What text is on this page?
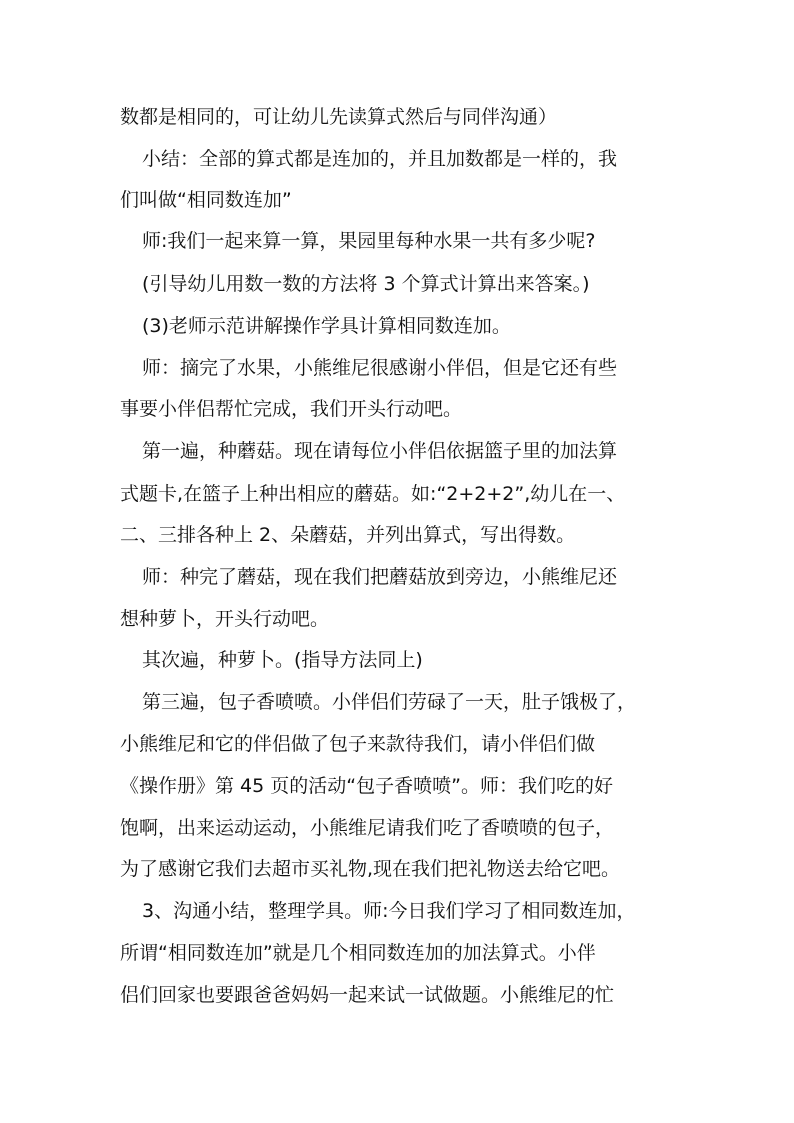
数都是相同的，可让幼儿先读算式然后与同伴沟通）
小结：全部的算式都是连加的，并且加数都是一样的，我
们叫做“相同数连加”
师:我们一起来算一算，果园里每种水果一共有多少呢?
(引导幼儿用数一数的方法将 3 个算式计算出来答案。)
(3)老师示范讲解操作学具计算相同数连加。
师：摘完了水果，小熊维尼很感谢小伴侣，但是它还有些
事要小伴侣帮忙完成，我们开头行动吧。
第一遍，种蘑菇。现在请每位小伴侣依据篮子里的加法算
式题卡,在篮子上种出相应的蘑菇。如:“2+2+2”,幼儿在一、
二、三排各种上 2、朵蘑菇，并列出算式，写出得数。
师：种完了蘑菇，现在我们把蘑菇放到旁边，小熊维尼还
想种萝卜，开头行动吧。
其次遍，种萝卜。(指导方法同上)
第三遍，包子香喷喷。小伴侣们劳碌了一天，肚子饿极了，
小熊维尼和它的伴侣做了包子来款待我们，请小伴侣们做
《操作册》第 45 页的活动“包子香喷喷”。师：我们吃的好
饱啊，出来运动运动，小熊维尼请我们吃了香喷喷的包子，
为了感谢它我们去超市买礼物,现在我们把礼物送去给它吧。
3、沟通小结，整理学具。师:今日我们学习了相同数连加，
所谓“相同数连加”就是几个相同数连加的加法算式。小伴
侣们回家也要跟爸爸妈妈一起来试一试做题。小熊维尼的忙
